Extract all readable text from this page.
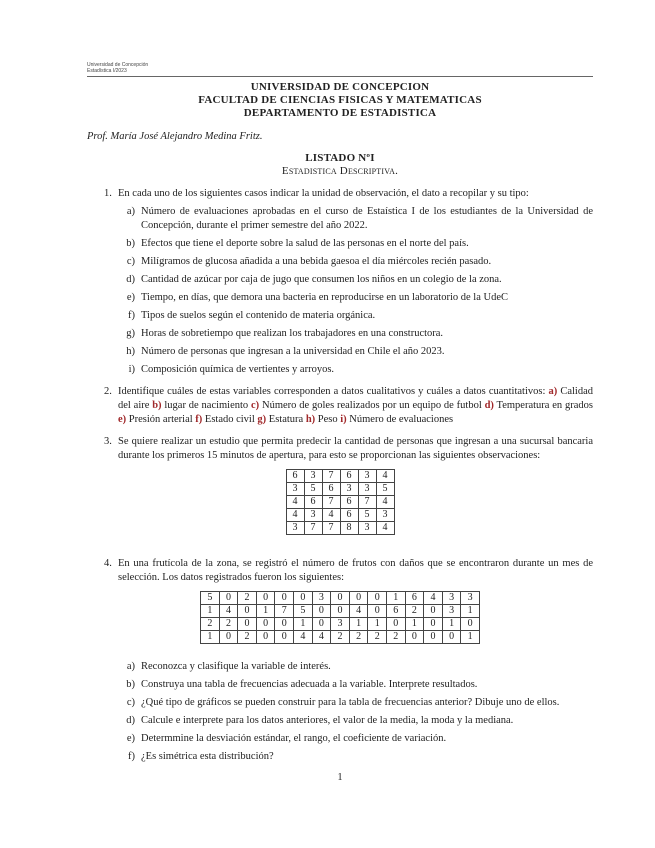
Universidad de Concepción
Estadística I/2023
UNIVERSIDAD DE CONCEPCION
FACULTAD DE CIENCIAS FISICAS Y MATEMATICAS
DEPARTAMENTO DE ESTADISTICA
Prof. María José Alejandro Medina Fritz.
LISTADO NºI
Estadistica Descriptiva.
1. En cada uno de los siguientes casos indicar la unidad de observación, el dato a recopilar y su tipo:
a) Número de evaluaciones aprobadas en el curso de Estaística I de los estudiantes de la Universidad de Concepción, durante el primer semestre del año 2022.
b) Efectos que tiene el deporte sobre la salud de las personas en el norte del país.
c) Milígramos de glucosa añadida a una bebida gaesoa el día miércoles recién pasado.
d) Cantidad de azúcar por caja de jugo que consumen los niños en un colegio de la zona.
e) Tiempo, en días, que demora una bacteria en reproducirse en un laboratorio de la UdeC
f) Tipos de suelos según el contenido de materia orgánica.
g) Horas de sobretiempo que realizan los trabajadores en una constructora.
h) Número de personas que ingresan a la universidad en Chile el año 2023.
i) Composición química de vertientes y arroyos.
2. Identifique cuáles de estas variables corresponden a datos cualitativos y cuáles a datos cuantitativos: a) Calidad del aire b) lugar de nacimiento c) Número de goles realizados por un equipo de futbol d) Temperatura en grados e) Presión arterial f) Estado civil g) Estatura h) Peso i) Número de evaluaciones
3. Se quiere realizar un estudio que permita predecir la cantidad de personas que ingresan a una sucursal bancaria durante los primeros 15 minutos de apertura, para esto se proporcionan las siguientes observaciones:
6	3	7	6	3	4
3	5	6	3	3	5
4	6	7	6	7	4
4	3	4	6	5	3
3	7	7	8	3	4
4. En una frutícola de la zona, se registró el número de frutos con daños que se encontraron durante un mes de selección. Los datos registrados fueron los siguientes:
5	0	2	0	0	0	3	0	0	0	1	6	4	3	3
1	4	0	1	7	5	0	0	4	0	6	2	0	3	1
2	2	0	0	0	1	0	3	1	1	0	1	0	1	0
1	0	2	0	0	4	4	2	2	2	2	0	0	0	1
a) Reconozca y clasifique la variable de interés.
b) Construya una tabla de frecuencias adecuada a la variable. Interprete resultados.
c) ¿Qué tipo de gráficos se pueden construir para la tabla de frecuencias anterior? Dibuje uno de ellos.
d) Calcule e interprete para los datos anteriores, el valor de la media, la moda y la mediana.
e) Determmine la desviación estándar, el rango, el coeficiente de variación.
f) ¿Es simétrica esta distribución?
1
